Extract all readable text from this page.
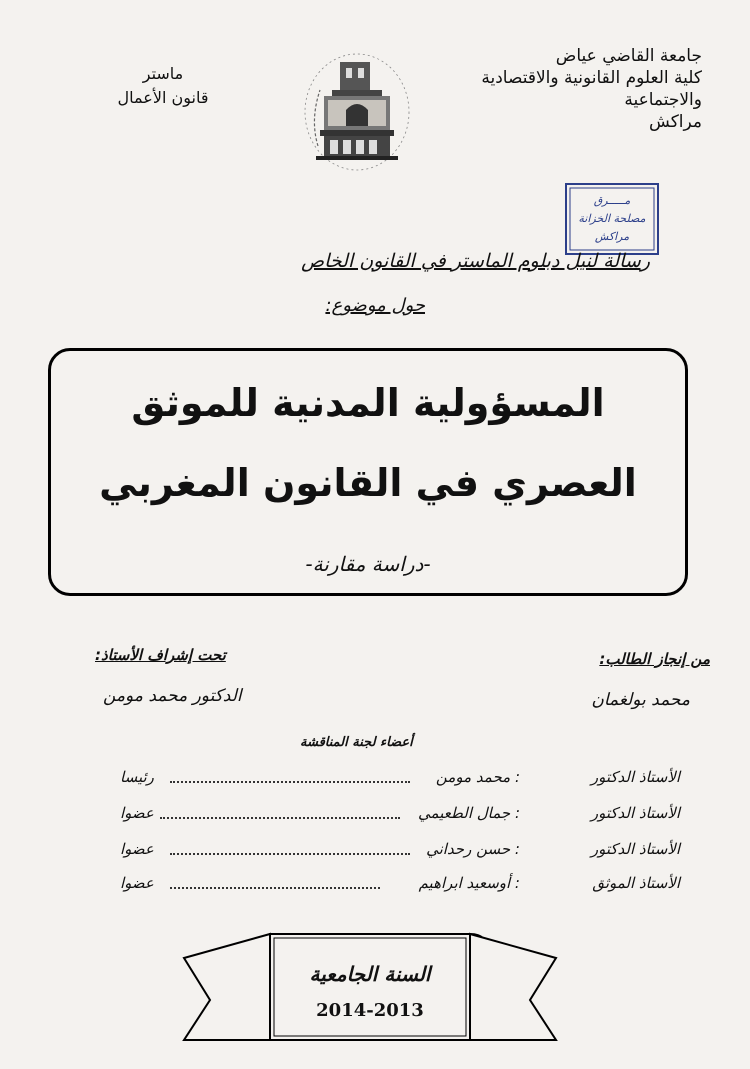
جامعة القاضي عياض
كلية العلوم القانونية والاقتصادية
والاجتماعية
مراكش
ماستر
قانون الأعمال
مـــــرق
مصلحة الخزانة
مراكش
رسالة لنيل دبلوم الماستر في القانون الخاص
حول موضوع:
المسؤولية المدنية للموثق
العصري في القانون المغربي
-دراسة مقارنة-
تحت إشراف الأستاذ:	من إنجاز الطالب:
الدكتور محمد مومن	محمد بولغمان
أعضاء لجنة المناقشة
الأستاذ الدكتور
: محمد مومن
رئيسا
الأستاذ الدكتور
: جمال الطعيمي
عضوا
الأستاذ الدكتور
: حسن رحداني
عضوا
الأستاذ الموثق
: أوسعيد ابراهيم
عضوا
السنة الجامعية
2014-2013
